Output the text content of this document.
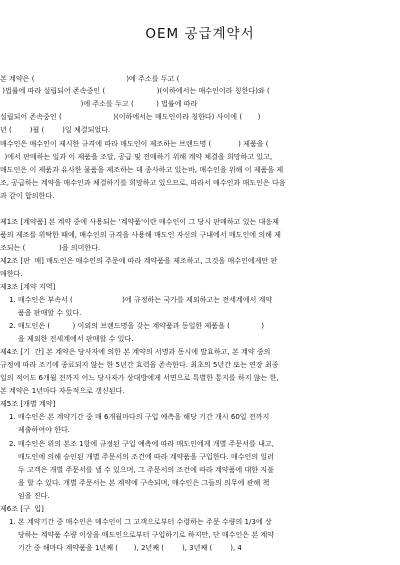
OEM 공급계약서
본 계약은 (                                         )에 주소를 두고 (
)법률에 따라 설립되어 존속중인 (                       )(이하에서는 매수인이라 칭한다)와 (
)에 주소를 두고 (          ) 법률에 따라
설립되어 존속중인 (                       )(이하에서는 매도인이라 칭한다) 사이에 (       )
년 (        )월 (        )일 체결되었다.
매수인은 매수인이 제시한 규격에 따라 매도인이 제조하는 브랜드명 (            ) 제품을 (
)에서 판매하는 일과 이 제품을 조달, 공급 및 전매하기 위해 계약 체결을 희망하고 있고,
매도인은 이 제품과 유사한 물품을 제조하는 데 종사하고 있는바, 매수인을 위해 이 제품을 제
조, 공급하는 계약을 매수인과 체결하기를 희망하고 있으므로, 따라서 매수인과 매도인은 다음
과 같이 합의한다.
제1조 [계약품] 본 계약 중에 사용되는 '계약품'이란 매수인이 그 당시 판매하고 있는 대응제
품의 제조를 위탁한 때에, 매수인의 규격을 사용해 매도인 자신의 구내에서 매도인에 의해 제
조되는 (               )을 의미한다.
제2조 [판  매] 매도인은 매수인의 주문에 따라 계약품을 제조하고, 그것을 매수인에게만 판
매한다.
제3조 [계약 지역]
1. 매수인은 부속서 (                      )에 규정하는 국가를 제외하고는 전세계에서 계약
품을 판매할 수 있다.
2. 매도인은 (          ) 이외의 브랜드명을 갖는 계약품과 동일한 제품을 (              )
을 제외한 전세계에서 판매할 수 있다.
제4조 [기  간] 본 계약은 당사자에 의한 본 계약의 서명과 동시에 발효하고, 본 계약 중의
규정에 따라 조기에 종료되지 않는 한 5년간 효력을 존속한다. 최초의 5년간 또는 연장 최종
일의 적어도 6개월 전까지 어느 당사자가 상대방에게 서면으로 특별한 통지를 하지 않는 한,
본 계약은 1년마다 자동적으로 갱신된다.
제5조 [개별 계약]
1. 매수인은 본 계약기간 중 매 6개월마다의 구입 예측을 해당 기간 개시 60일 전까지
제출하여야 한다.
2. 매수인은 위의 본조 1항에 규정된 구입 예측에 따라 매도인에게 개별 주문서를 내고,
매도인에 의해 승인된 개별 주문서의 조건에 따라 계약품을 구입한다. 매수인의 일러
두 고객은 개별 주문서를 낼 수 있으며, 그 주문서의 조건에 따라 계약품에 대한 지불
을 할 수 있다. 개별 주문서는 본 계약에 구속되며, 매수인은 그들의 의무에 관해 책
임을 진다.
제6조 [구  입]
1. 본 계약기간 중 매수인은 매수인이 그 고객으로부터 수령하는 주문 수량의 1/3에 상
당하는 계약품 수량 이상을 매도인으로부터 구입하기로 하지만, 단 매수인은 본 계약
기간 중 해마다 계약품을 1년째 (       ), 2년째 (        ), 3년째 (        ), 4
